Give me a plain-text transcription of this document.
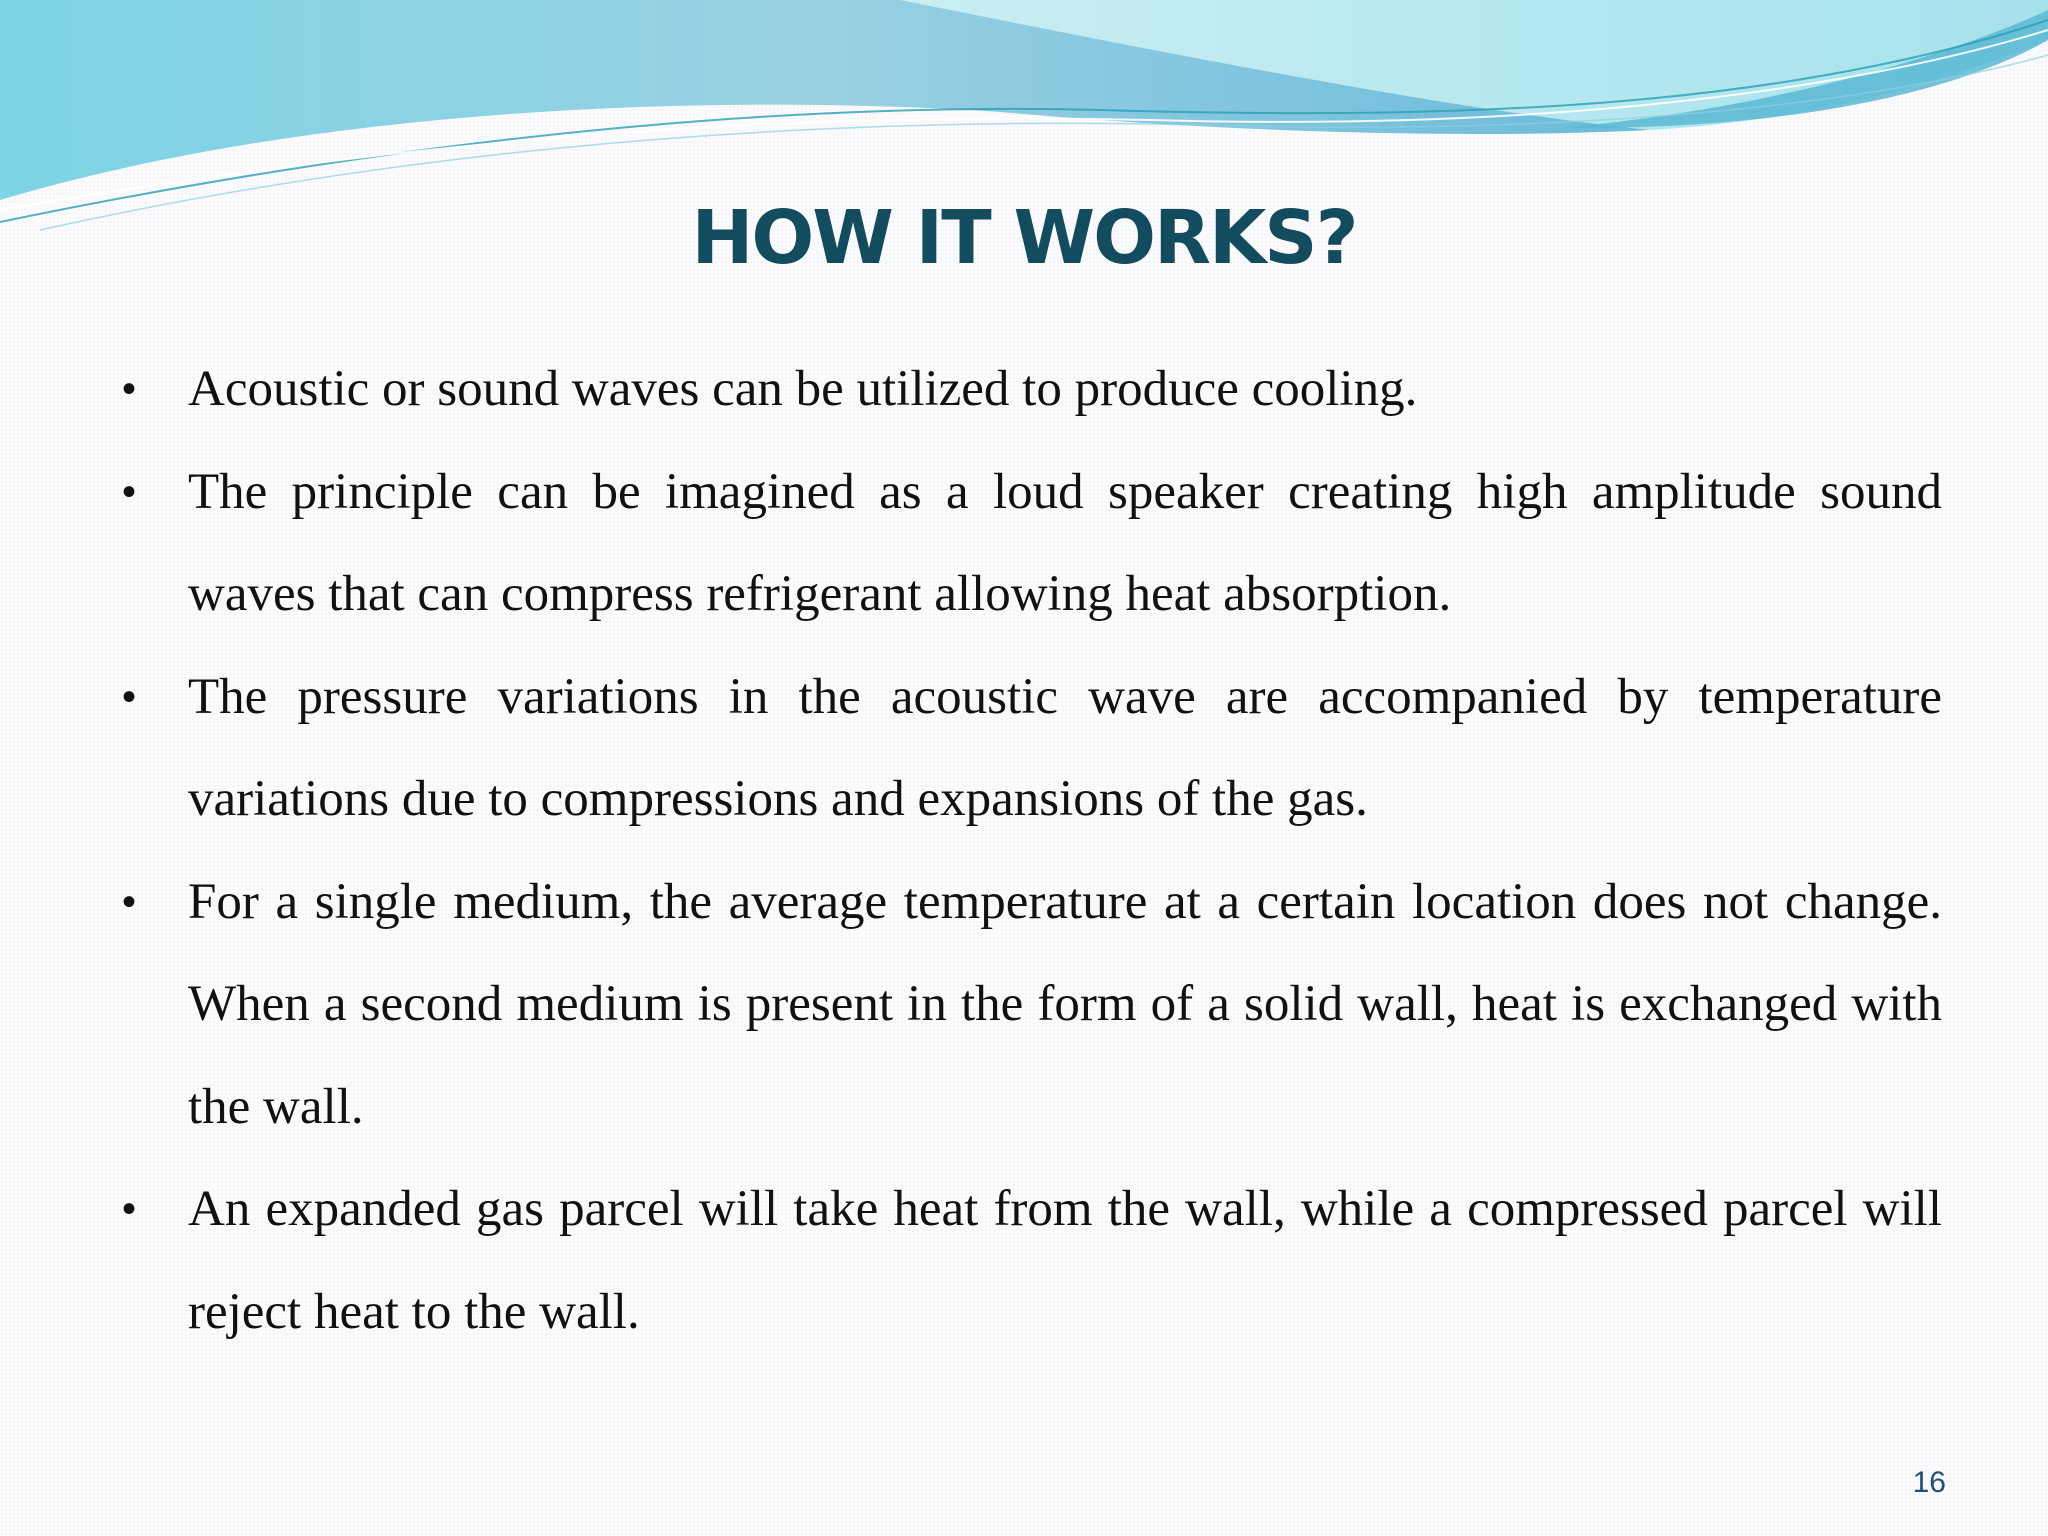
HOW IT WORKS?
• Acoustic or sound waves can be utilized to produce cooling.
• The principle can be imagined as a loud speaker creating high amplitude sound waves that can compress refrigerant allowing heat absorption.
• The pressure variations in the acoustic wave are accompanied by temperature variations due to compressions and expansions of the gas.
• For a single medium, the average temperature at a certain location does not change. When a second medium is present in the form of a solid wall, heat is exchanged with the wall.
• An expanded gas parcel will take heat from the wall, while a compressed parcel will reject heat to the wall.
16
